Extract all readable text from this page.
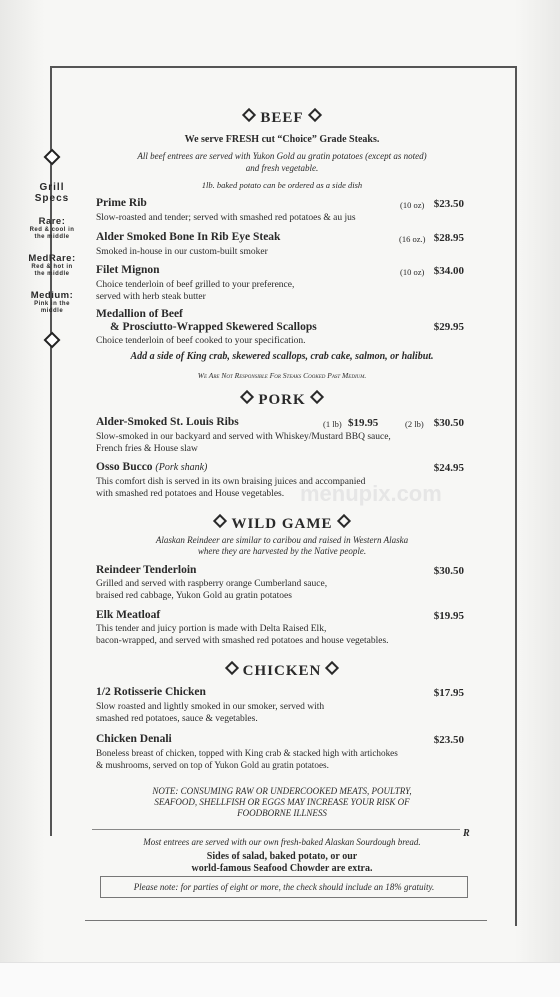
Grill
Specs
Rare:
Red & cool in
the middle
MedRare:
Red & hot in
the middle
Medium:
Pink in the
middle
BEEF
We serve FRESH cut “Choice” Grade Steaks.
All beef entrees are served with Yukon Gold au gratin potatoes (except as noted)
and fresh vegetable.
1lb. baked potato can be ordered as a side dish
Prime Rib	(10 oz) $23.50
Slow-roasted and tender; served with smashed red potatoes & au jus
Alder Smoked Bone In Rib Eye Steak	(16 oz.) $28.95
Smoked in-house in our custom-built smoker
Filet Mignon	(10 oz) $34.00
Choice tenderloin of beef grilled to your preference,
served with herb steak butter
Medallion of Beef
& Prosciutto-Wrapped Skewered Scallops	$29.95
Choice tenderloin of beef cooked to your specification.
Add a side of King crab, skewered scallops, crab cake, salmon, or halibut.
We Are Not Responsible For Steaks Cooked Past Medium.
PORK
Alder-Smoked St. Louis Ribs	(1 lb) $19.95	(2 lb) $30.50
Slow-smoked in our backyard and served with Whiskey/Mustard BBQ sauce,
French fries & House slaw
Osso Bucco (Pork shank)	$24.95
This comfort dish is served in its own braising juices and accompanied
with smashed red potatoes and House vegetables. menupix.com
WILD GAME
Alaskan Reindeer are similar to caribou and raised in Western Alaska
where they are harvested by the Native people.
Reindeer Tenderloin	$30.50
Grilled and served with raspberry orange Cumberland sauce,
braised red cabbage, Yukon Gold au gratin potatoes
Elk Meatloaf	$19.95
This tender and juicy portion is made with Delta Raised Elk,
bacon-wrapped, and served with smashed red potatoes and house vegetables.
CHICKEN
1/2 Rotisserie Chicken	$17.95
Slow roasted and lightly smoked in our smoker, served with
smashed red potatoes, sauce & vegetables.
Chicken Denali	$23.50
Boneless breast of chicken, topped with King crab & stacked high with artichokes
& mushrooms, served on top of Yukon Gold au gratin potatoes.
NOTE: CONSUMING RAW OR UNDERCOOKED MEATS, POULTRY,
SEAFOOD, SHELLFISH OR EGGS MAY INCREASE YOUR RISK OF
FOODBORNE ILLNESS
R
Most entrees are served with our own fresh-baked Alaskan Sourdough bread.
Sides of salad, baked potato, or our
world-famous Seafood Chowder are extra.
Please note: for parties of eight or more, the check should include an 18% gratuity.
